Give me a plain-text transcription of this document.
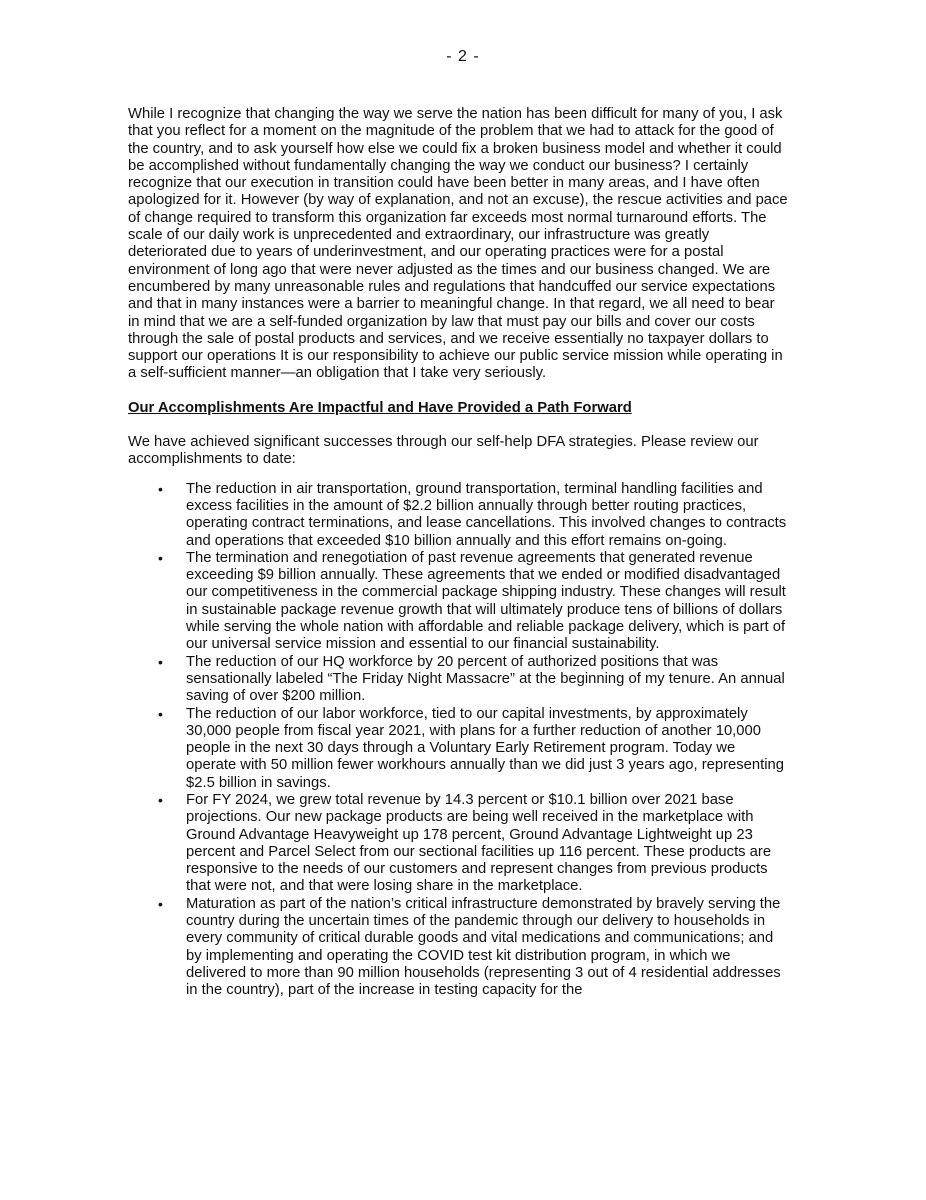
- 2 -

While I recognize that changing the way we serve the nation has been difficult for many of you, I ask that you reflect for a moment on the magnitude of the problem that we had to attack for the good of the country, and to ask yourself how else we could fix a broken business model and whether it could be accomplished without fundamentally changing the way we conduct our business? I certainly recognize that our execution in transition could have been better in many areas, and I have often apologized for it. However (by way of explanation, and not an excuse), the rescue activities and pace of change required to transform this organization far exceeds most normal turnaround efforts. The scale of our daily work is unprecedented and extraordinary, our infrastructure was greatly deteriorated due to years of underinvestment, and our operating practices were for a postal environment of long ago that were never adjusted as the times and our business changed. We are encumbered by many unreasonable rules and regulations that handcuffed our service expectations and that in many instances were a barrier to meaningful change. In that regard, we all need to bear in mind that we are a self-funded organization by law that must pay our bills and cover our costs through the sale of postal products and services, and we receive essentially no taxpayer dollars to support our operations It is our responsibility to achieve our public service mission while operating in a self-sufficient manner—an obligation that I take very seriously.

Our Accomplishments Are Impactful and Have Provided a Path Forward

We have achieved significant successes through our self-help DFA strategies. Please review our accomplishments to date:

• The reduction in air transportation, ground transportation, terminal handling facilities and excess facilities in the amount of $2.2 billion annually through better routing practices, operating contract terminations, and lease cancellations. This involved changes to contracts and operations that exceeded $10 billion annually and this effort remains on-going.
• The termination and renegotiation of past revenue agreements that generated revenue exceeding $9 billion annually. These agreements that we ended or modified disadvantaged our competitiveness in the commercial package shipping industry. These changes will result in sustainable package revenue growth that will ultimately produce tens of billions of dollars while serving the whole nation with affordable and reliable package delivery, which is part of our universal service mission and essential to our financial sustainability.
• The reduction of our HQ workforce by 20 percent of authorized positions that was sensationally labeled “The Friday Night Massacre” at the beginning of my tenure. An annual saving of over $200 million.
• The reduction of our labor workforce, tied to our capital investments, by approximately 30,000 people from fiscal year 2021, with plans for a further reduction of another 10,000 people in the next 30 days through a Voluntary Early Retirement program. Today we operate with 50 million fewer workhours annually than we did just 3 years ago, representing $2.5 billion in savings.
• For FY 2024, we grew total revenue by 14.3 percent or $10.1 billion over 2021 base projections. Our new package products are being well received in the marketplace with Ground Advantage Heavyweight up 178 percent, Ground Advantage Lightweight up 23 percent and Parcel Select from our sectional facilities up 116 percent. These products are responsive to the needs of our customers and represent changes from previous products that were not, and that were losing share in the marketplace.
• Maturation as part of the nation’s critical infrastructure demonstrated by bravely serving the country during the uncertain times of the pandemic through our delivery to households in every community of critical durable goods and vital medications and communications; and by implementing and operating the COVID test kit distribution program, in which we delivered to more than 90 million households (representing 3 out of 4 residential addresses in the country), part of the increase in testing capacity for the
